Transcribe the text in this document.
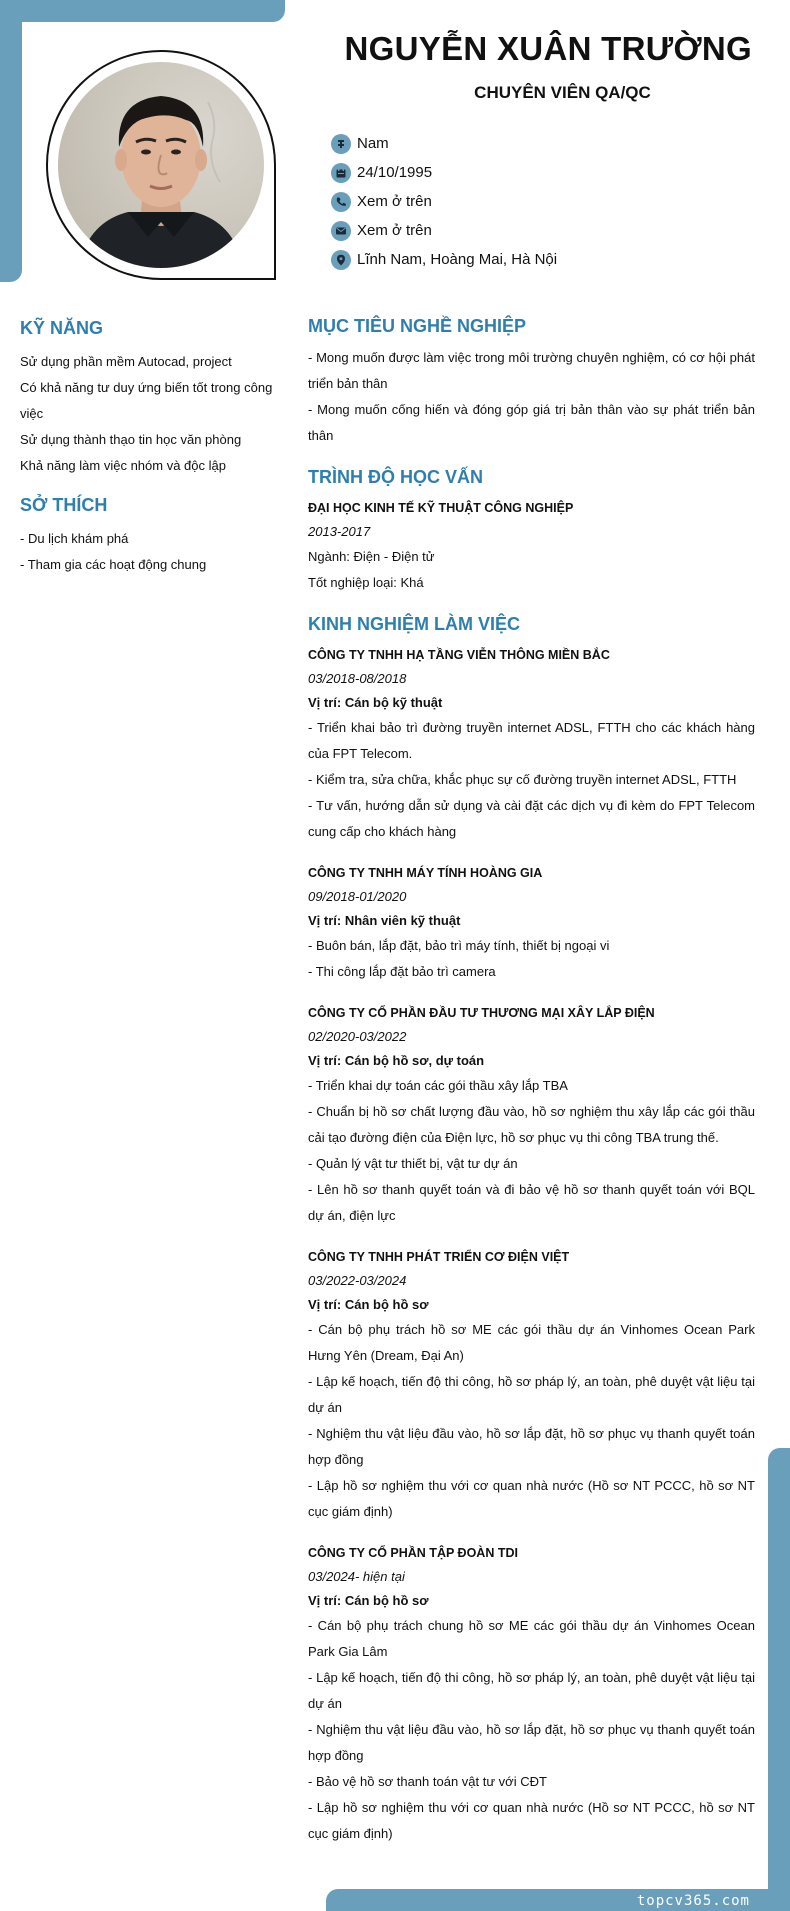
topcv365.com
NGUYỄN XUÂN TRƯỜNG
CHUYÊN VIÊN QA/QC
Nam
24/10/1995
Xem ở trên
Xem ở trên
Lĩnh Nam, Hoàng Mai, Hà Nội
KỸ NĂNG
Sử dụng phần mềm Autocad, project
Có khả năng tư duy ứng biến tốt trong công việc
Sử dụng thành thạo tin học văn phòng
Khả năng làm việc nhóm và độc lập
SỞ THÍCH
- Du lịch khám phá
- Tham gia các hoạt động chung
MỤC TIÊU NGHỀ NGHIỆP
- Mong muốn được làm việc trong môi trường chuyên nghiệm, có cơ hội phát triển bản thân
- Mong muốn cống hiến và đóng góp giá trị bản thân vào sự phát triển bản thân
TRÌNH ĐỘ HỌC VẤN
ĐẠI HỌC KINH TẾ KỸ THUẬT CÔNG NGHIỆP
2013-2017
Ngành: Điện - Điện tử
Tốt nghiệp loại: Khá
KINH NGHIỆM LÀM VIỆC
CÔNG TY TNHH HẠ TẦNG VIỄN THÔNG MIỀN BẮC
03/2018-08/2018
Vị trí: Cán bộ kỹ thuật
- Triển khai bảo trì đường truyền internet ADSL, FTTH cho các khách hàng của FPT Telecom.
- Kiểm tra, sửa chữa, khắc phục sự cố đường truyền internet ADSL, FTTH
- Tư vấn, hướng dẫn sử dụng và cài đặt các dịch vụ đi kèm do FPT Telecom cung cấp cho khách hàng
CÔNG TY TNHH MÁY TÍNH HOÀNG GIA
09/2018-01/2020
Vị trí: Nhân viên kỹ thuật
- Buôn bán, lắp đặt, bảo trì máy tính, thiết bị ngoại vi
- Thi công lắp đặt bảo trì camera
CÔNG TY CỔ PHẦN ĐẦU TƯ THƯƠNG MẠI XÂY LẮP ĐIỆN
02/2020-03/2022
Vị trí: Cán bộ hồ sơ, dự toán
- Triển khai dự toán các gói thầu xây lắp TBA
- Chuẩn bị hồ sơ chất lượng đầu vào, hồ sơ nghiệm thu xây lắp các gói thầu cải tạo đường điện của Điện lực, hồ sơ phục vụ thi công TBA trung thế.
- Quản lý vật tư thiết bị, vật tư dự án
- Lên hồ sơ thanh quyết toán và đi bảo vệ hồ sơ thanh quyết toán với BQL dự án, điện lực
CÔNG TY TNHH PHÁT TRIỂN CƠ ĐIỆN VIỆT
03/2022-03/2024
Vị trí: Cán bộ hồ sơ
- Cán bộ phụ trách hồ sơ ME các gói thầu dự án Vinhomes Ocean Park Hưng Yên (Dream, Đại An)
- Lập kế hoạch, tiến độ thi công, hồ sơ pháp lý, an toàn, phê duyệt vật liệu tại dự án
- Nghiệm thu vật liệu đầu vào, hồ sơ lắp đặt, hồ sơ phục vụ thanh quyết toán hợp đồng
- Lập hồ sơ nghiệm thu với cơ quan nhà nước (Hồ sơ NT PCCC, hồ sơ NT cục giám định)
CÔNG TY CỔ PHẦN TẬP ĐOÀN TDI
03/2024- hiện tại
Vị trí: Cán bộ hồ sơ
- Cán bộ phụ trách chung hồ sơ ME các gói thầu dự án Vinhomes Ocean Park Gia Lâm
- Lập kế hoạch, tiến độ thi công, hồ sơ pháp lý, an toàn, phê duyệt vật liệu tại dự án
- Nghiệm thu vật liệu đầu vào, hồ sơ lắp đặt, hồ sơ phục vụ thanh quyết toán hợp đồng
- Bảo vệ hồ sơ thanh toán vật tư với CĐT
- Lập hồ sơ nghiệm thu với cơ quan nhà nước (Hồ sơ NT PCCC, hồ sơ NT cục giám định)
